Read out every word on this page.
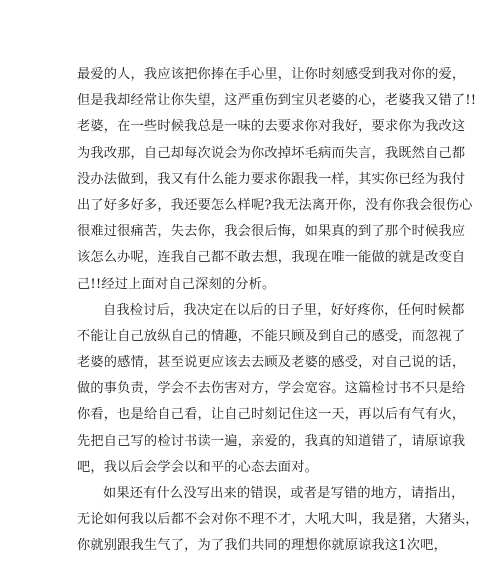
最爱的人，我应该把你捧在手心里，让你时刻感受到我对你的爱，
但是我却经常让你失望，这严重伤到宝贝老婆的心，老婆我又错了!!
老婆，在一些时候我总是一味的去要求你对我好，要求你为我改这
为我改那，自己却每次说会为你改掉坏毛病而失言，我既然自己都
没办法做到，我又有什么能力要求你跟我一样，其实你已经为我付
出了好多好多，我还要怎么样呢?我无法离开你，没有你我会很伤心
很难过很痛苦，失去你，我会很后悔，如果真的到了那个时候我应
该怎么办呢，连我自己都不敢去想，我现在唯一能做的就是改变自
己!!经过上面对自己深刻的分析。
自我检讨后，我决定在以后的日子里，好好疼你，任何时候都
不能让自己放纵自己的情趣，不能只顾及到自己的感受，而忽视了
老婆的感情，甚至说更应该去去顾及老婆的感受，对自己说的话，
做的事负责，学会不去伤害对方，学会宽容。这篇检讨书不只是给
你看，也是给自己看，让自己时刻记住这一天，再以后有气有火，
先把自己写的检讨书读一遍，亲爱的，我真的知道错了，请原谅我
吧，我以后会学会以和平的心态去面对。
如果还有什么没写出来的错误，或者是写错的地方，请指出，
无论如何我以后都不会对你不理不才，大吼大叫，我是猪，大猪头，
你就别跟我生气了，为了我们共同的理想你就原谅我这1次吧，
